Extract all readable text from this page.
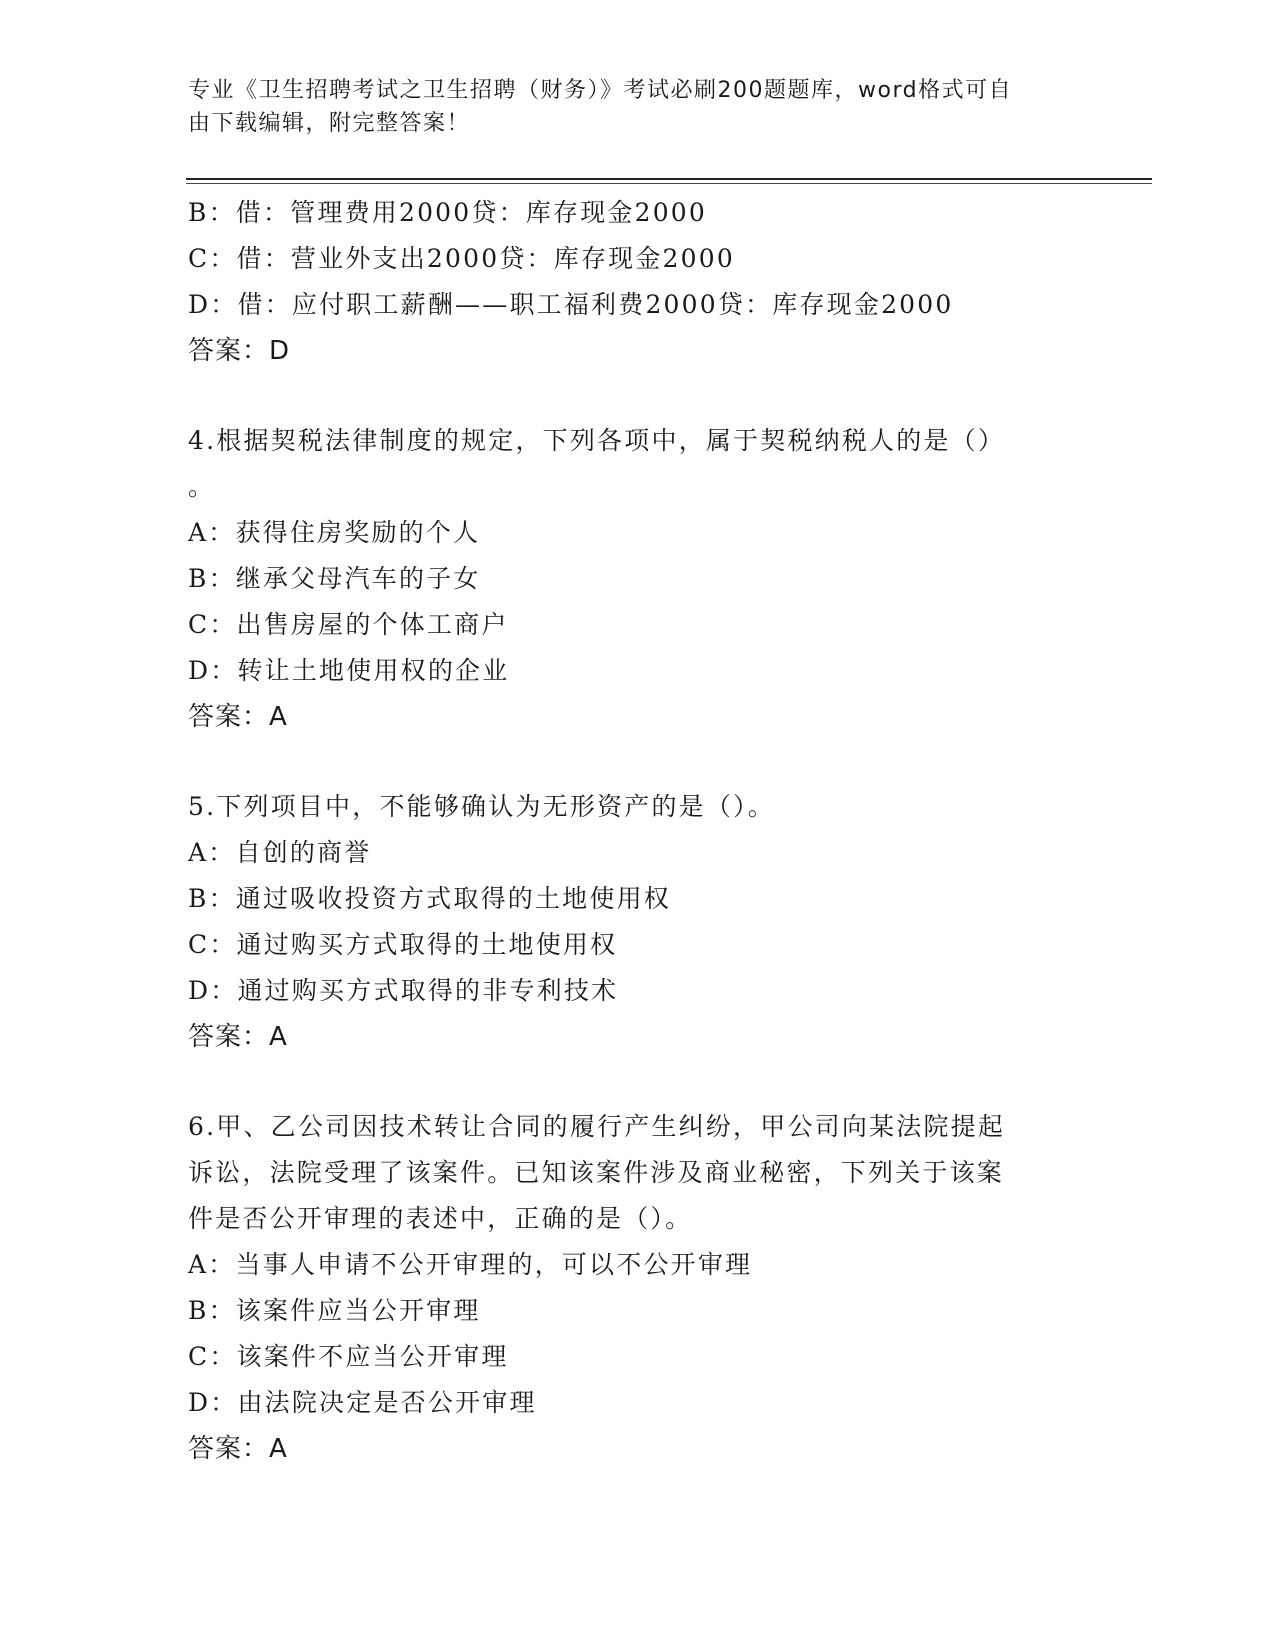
专业《卫生招聘考试之卫生招聘（财务）》考试必刷200题题库，word格式可自
由下载编辑，附完整答案！
B：借：管理费用2000贷：库存现金2000
C：借：营业外支出2000贷：库存现金2000
D：借：应付职工薪酬——职工福利费2000贷：库存现金2000
答案：D
4.根据契税法律制度的规定，下列各项中，属于契税纳税人的是（）
。
A：获得住房奖励的个人
B：继承父母汽车的子女
C：出售房屋的个体工商户
D：转让土地使用权的企业
答案：A
5.下列项目中，不能够确认为无形资产的是（）。
A：自创的商誉
B：通过吸收投资方式取得的土地使用权
C：通过购买方式取得的土地使用权
D：通过购买方式取得的非专利技术
答案：A
6.甲、乙公司因技术转让合同的履行产生纠纷，甲公司向某法院提起
诉讼，法院受理了该案件。已知该案件涉及商业秘密，下列关于该案
件是否公开审理的表述中，正确的是（）。
A：当事人申请不公开审理的，可以不公开审理
B：该案件应当公开审理
C：该案件不应当公开审理
D：由法院决定是否公开审理
答案：A
